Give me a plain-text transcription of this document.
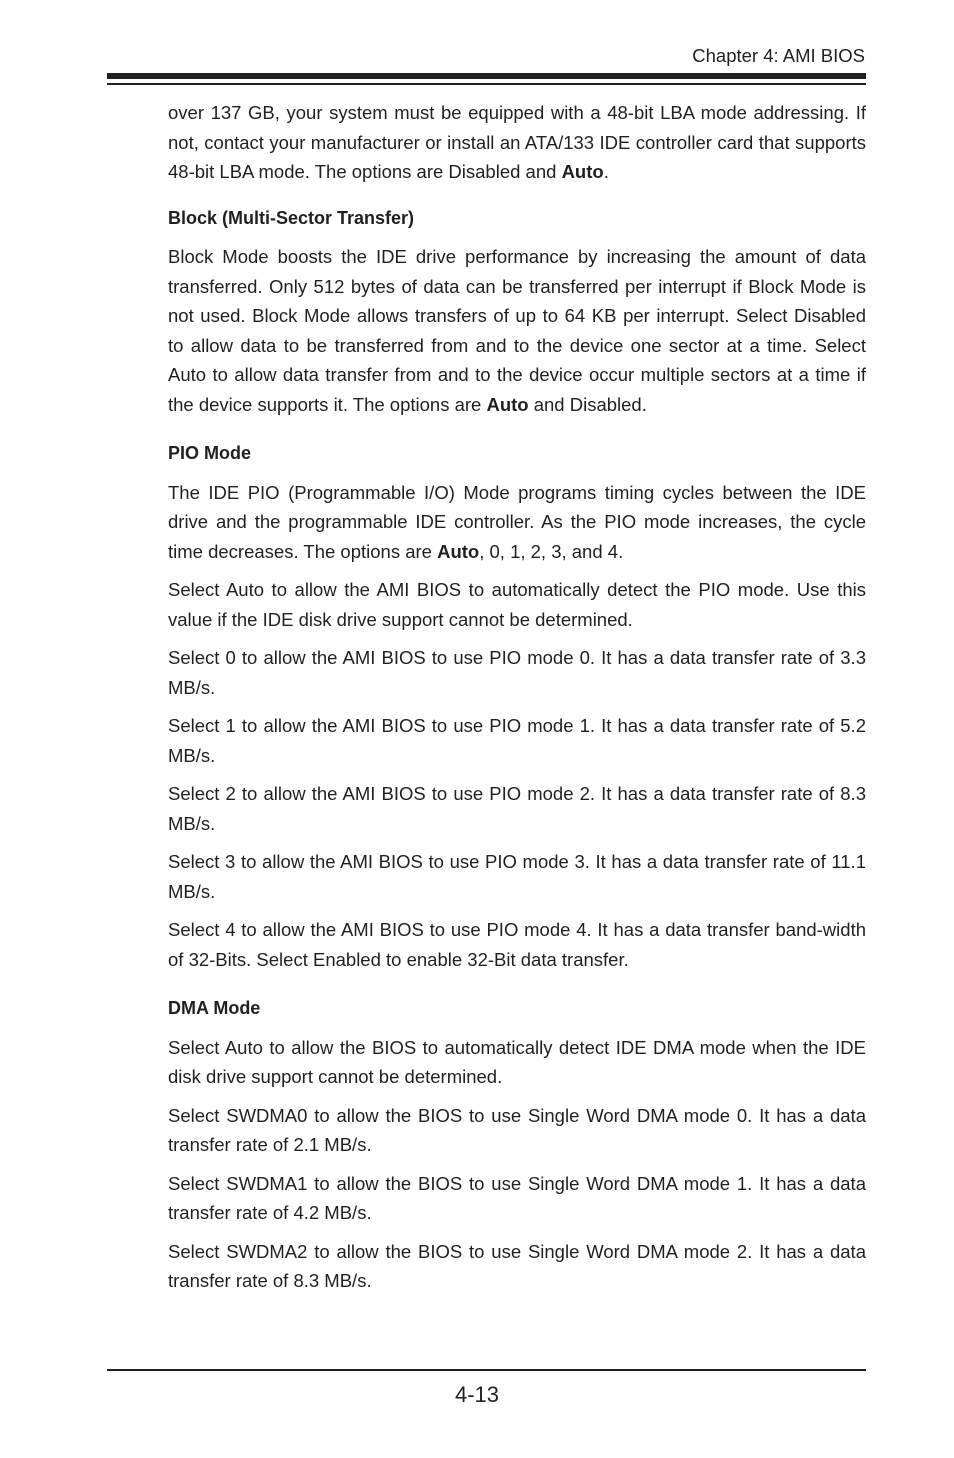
Chapter 4: AMI BIOS

over 137 GB, your system must be equipped with a 48-bit LBA mode addressing. If not, contact your manufacturer or install an ATA/133 IDE controller card that supports 48-bit LBA mode. The options are Disabled and Auto.

Block (Multi-Sector Transfer)

Block Mode boosts the IDE drive performance by increasing the amount of data transferred. Only 512 bytes of data can be transferred per interrupt if Block Mode is not used. Block Mode allows transfers of up to 64 KB per interrupt. Select Disabled to allow data to be transferred from and to the device one sector at a time. Select Auto to allow data transfer from and to the device occur multiple sectors at a time if the device supports it. The options are Auto and Disabled.

PIO Mode

The IDE PIO (Programmable I/O) Mode programs timing cycles between the IDE drive and the programmable IDE controller. As the PIO mode increases, the cycle time decreases. The options are Auto, 0, 1, 2, 3, and 4.

Select Auto to allow the AMI BIOS to automatically detect the PIO mode. Use this value if the IDE disk drive support cannot be determined.

Select 0 to allow the AMI BIOS to use PIO mode 0. It has a data transfer rate of 3.3 MB/s.

Select 1 to allow the AMI BIOS to use PIO mode 1. It has a data transfer rate of 5.2 MB/s.

Select 2 to allow the AMI BIOS to use PIO mode 2. It has a data transfer rate of 8.3 MB/s.

Select 3 to allow the AMI BIOS to use PIO mode 3. It has a data transfer rate of 11.1 MB/s.

Select 4 to allow the AMI BIOS to use PIO mode 4. It has a data transfer band-width of 32-Bits. Select Enabled to enable 32-Bit data transfer.

DMA Mode

Select Auto to allow the BIOS to automatically detect IDE DMA mode when the IDE disk drive support cannot be determined.

Select SWDMA0 to allow the BIOS to use Single Word DMA mode 0. It has a data transfer rate of 2.1 MB/s.

Select SWDMA1 to allow the BIOS to use Single Word DMA mode 1. It has a data transfer rate of 4.2 MB/s.

Select SWDMA2 to allow the BIOS to use Single Word DMA mode 2. It has a data transfer rate of 8.3 MB/s.

4-13
